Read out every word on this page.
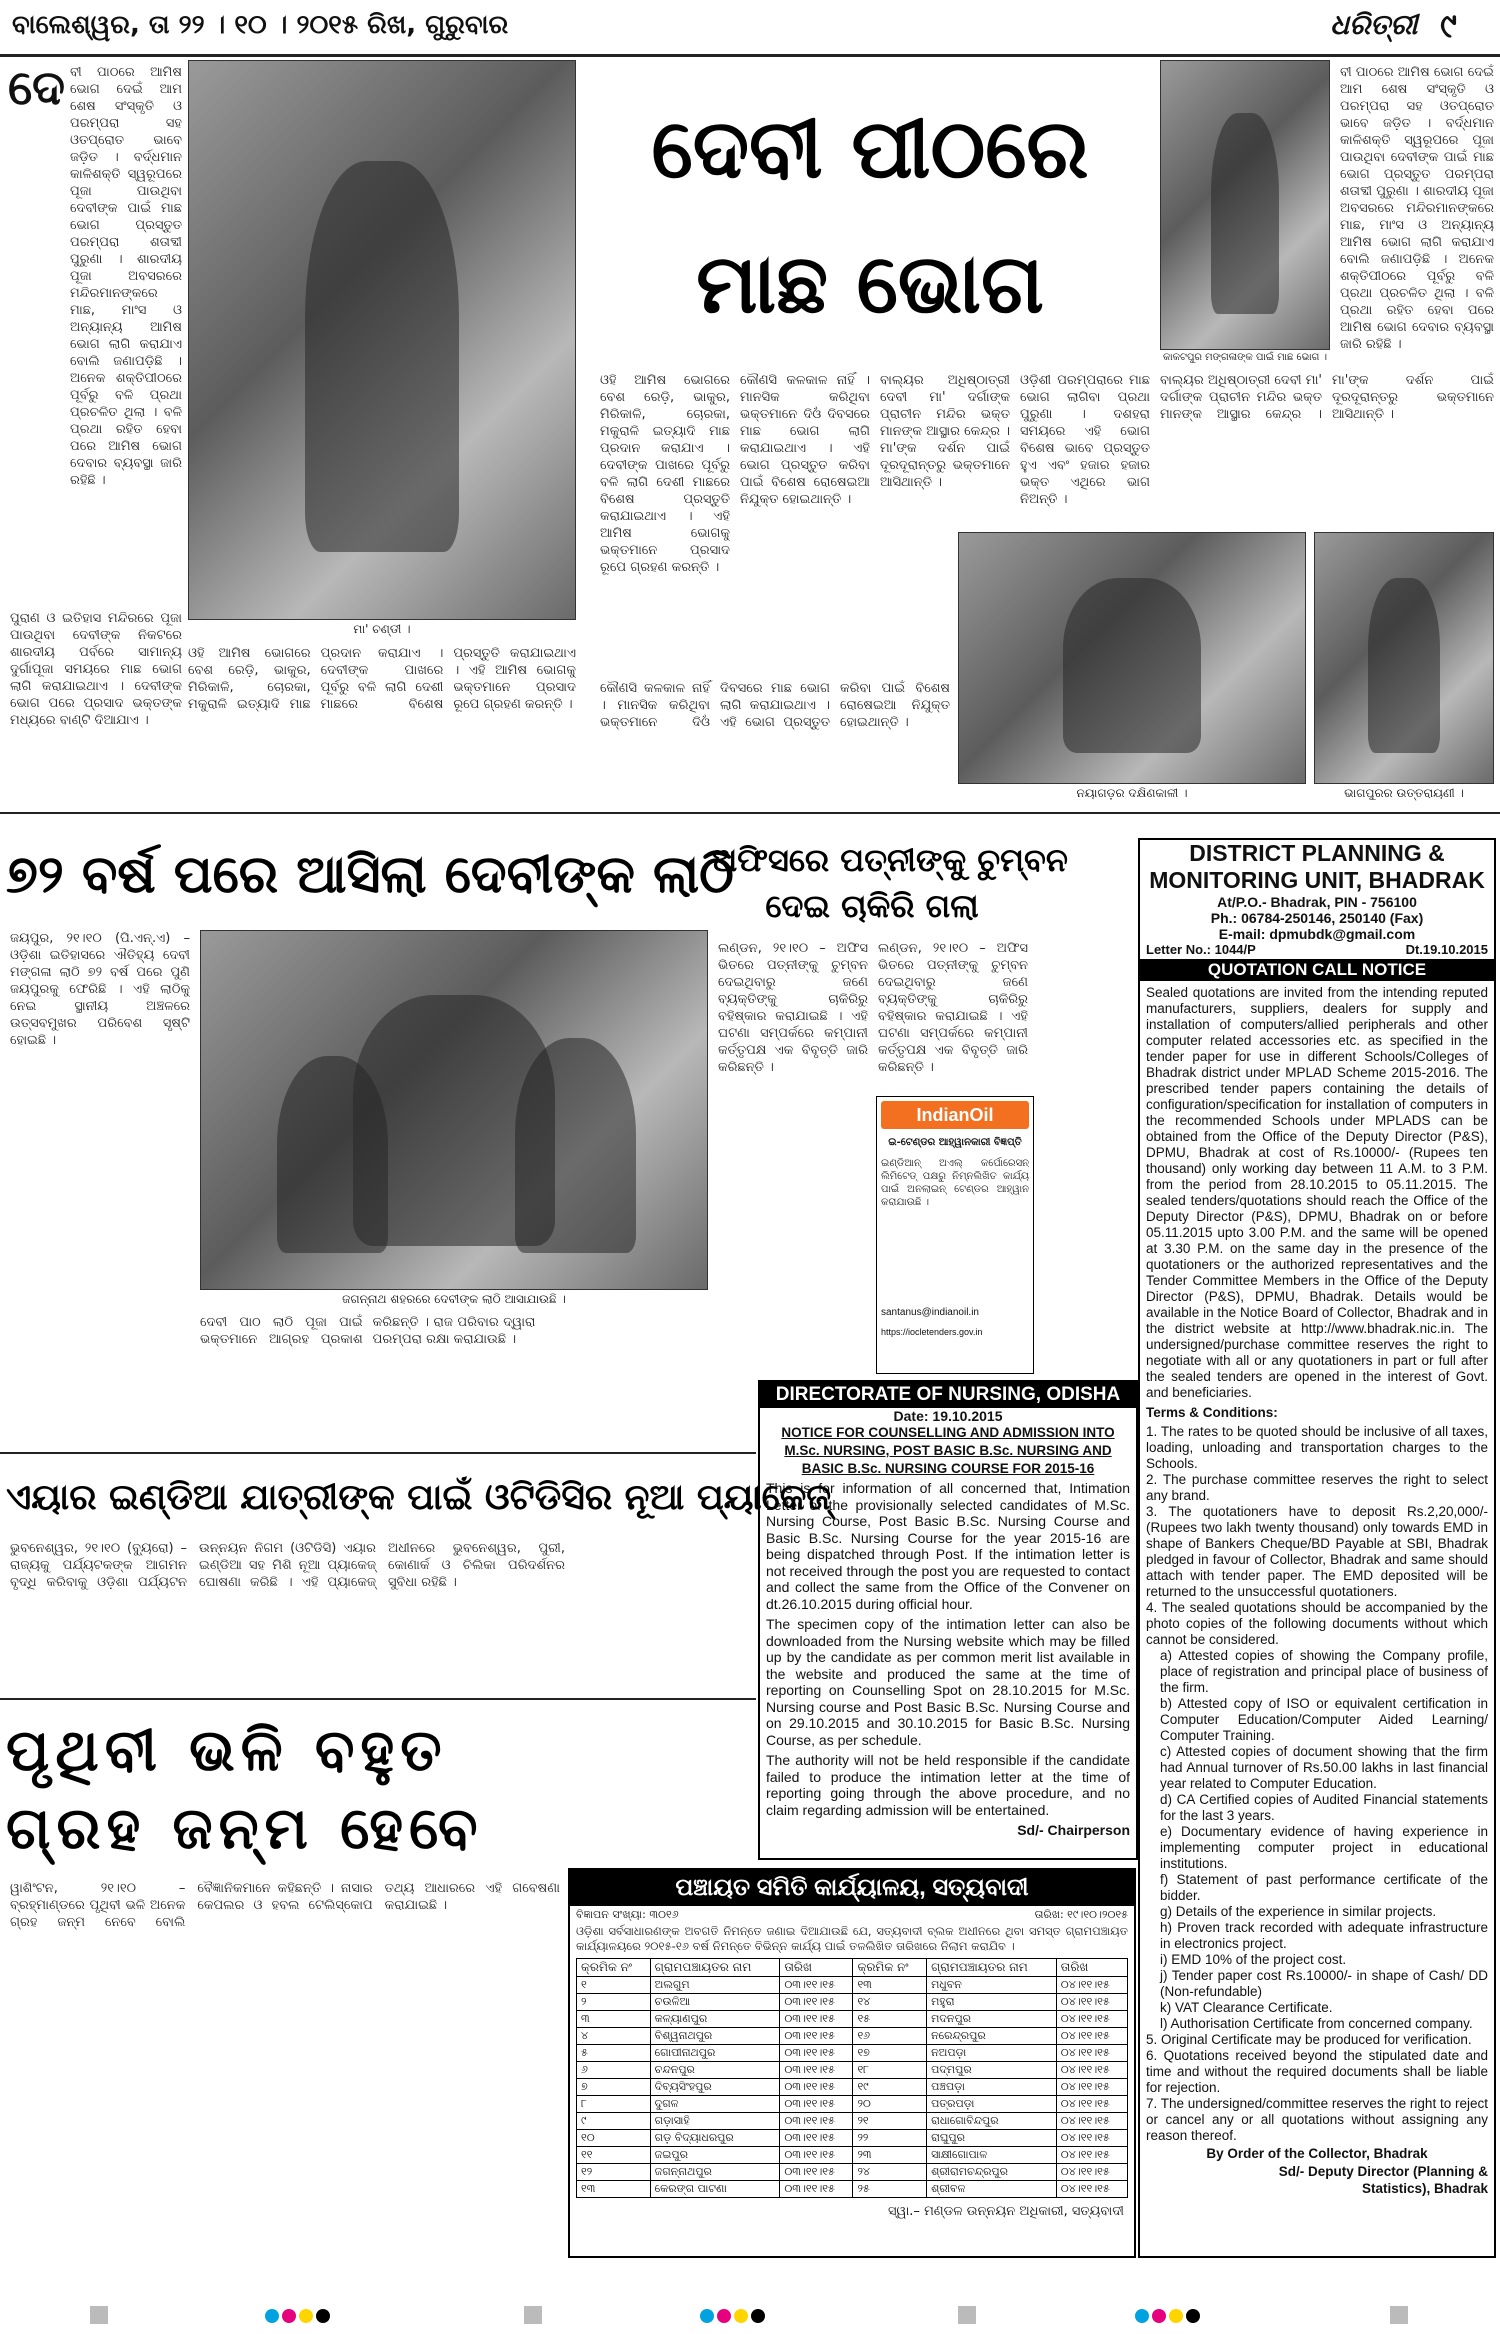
ବାଲେଶ୍ୱର, ତା ୨୨ । ୧୦ । ୨୦୧୫ ରିଖ, ଗୁରୁବାର	ଧରିତ୍ରୀ ୯
ଦେ ବୀ ପାଠରେ ଆମିଷ ଭୋଗ ଦେଇଁ ଆମ ଶେଷ ସଂସ୍କୃତି ଓ ପରମ୍ପରା ସହ ଓତପ୍ରୋତ ଭାବେ ଜଡ଼ିତ । ବର୍ଦ୍ଧମାନ କାଳିଶକ୍ତି ସ୍ୱରୂପରେ ପୂଜା ପାଉଥିବା ଦେବୀଙ୍କ ପାଇଁ ମାଛ ଭୋଗ ପ୍ରସ୍ତୁତ ପରମ୍ପରା ଶତାବ୍ଦୀ ପୁରୁଣା । ଶାରଦୀୟ ପୂଜା ଅବସରରେ ମନ୍ଦିରମାନଙ୍କରେ ମାଛ, ମାଂସ ଓ ଅନ୍ୟାନ୍ୟ ଆମିଷ ଭୋଗ ଲାଗି କରାଯାଏ ବୋଲି ଜଣାପଡ଼ିଛି । ଅନେକ ଶକ୍ତିପୀଠରେ ପୂର୍ବରୁ ବଳି ପ୍ରଥା ପ୍ରଚଳିତ ଥିଲା । ବଳି ପ୍ରଥା ରହିତ ହେବା ପରେ ଆମିଷ ଭୋଗ ଦେବାର ବ୍ୟବସ୍ଥା ଜାରି ରହିଛି ।
ପୁରାଣ ଓ ଇତିହାସ ମନ୍ଦିରରେ ପୂଜା ପାଉଥିବା ଦେବୀଙ୍କ ନିକଟରେ ଶାରଦୀୟ ପର୍ବରେ ସାମାନ୍ୟ ଦୁର୍ଗାପୂଜା ସମୟରେ ମାଛ ଭୋଗ ଲାଗି କରାଯାଇଥାଏ । ଦେବୀଙ୍କ ଭୋଗ ପରେ ପ୍ରସାଦ ଭକ୍ତଙ୍କ ମଧ୍ୟରେ ବାଣ୍ଟି ଦିଆଯାଏ ।
ମା' ଚଣ୍ଡୀ ।
ଦେବୀ ପୀଠରେ
ମାଛ ଭୋଗ
ଓହି ଆମିଷ ଭୋଗରେ ବେଶ ରେଡ଼ି, ଭାକୁର, ମିରିକାଳି, ଚୋରକା, ମକୁରାଳି ଇତ୍ୟାଦି ମାଛ ପ୍ରଦାନ କରାଯାଏ । ଦେବୀଙ୍କ ପାଖରେ ପୂର୍ବରୁ ବଳି ଲାଗି ଦେଶୀ ମାଛରେ ବିଶେଷ ପ୍ରସ୍ତୁତି କରାଯାଇଥାଏ । ଏହି ଆମିଷ ଭୋଗକୁ ଭକ୍ତମାନେ ପ୍ରସାଦ ରୂପେ ଗ୍ରହଣ କରନ୍ତି ।
କୌଣସି କଳକାଳ ନାହିଁ । ମାନସିକ କରିଥିବା ଭକ୍ତମାନେ ଦିଓଁ ଦିବସରେ ମାଛ ଭୋଗ ଲାଗି କରାଯାଇଥାଏ । ଏହି ଭୋଗ ପ୍ରସ୍ତୁତ କରିବା ପାଇଁ ବିଶେଷ ରୋଷେଇଆ ନିଯୁକ୍ତ ହୋଇଥାନ୍ତି ।
ବାଲ୍ୟର ଅଧିଷ୍ଠାତ୍ରୀ ଦେବୀ ମା' ଦର୍ଗାଙ୍କ ପ୍ରାଚୀନ ମନ୍ଦିର ଭକ୍ତ ମାନଙ୍କ ଆସ୍ଥାର କେନ୍ଦ୍ର । ମା'ଙ୍କ ଦର୍ଶନ ପାଇଁ ଦୂରଦୂରାନ୍ତରୁ ଭକ୍ତମାନେ ଆସିଥାନ୍ତି ।
ଓଡ଼ିଶୀ ପରମ୍ପରାରେ ମାଛ ଭୋଗ ଲାଗିବା ପ୍ରଥା ପୁରୁଣା । ଦଶହରା ସମୟରେ ଏହି ଭୋଗ ବିଶେଷ ଭାବେ ପ୍ରସ୍ତୁତ ହୁଏ ଏବଂ ହଜାର ହଜାର ଭକ୍ତ ଏଥିରେ ଭାଗ ନିଅନ୍ତି ।
ଓହି ଆମିଷ ଭୋଗରେ ବେଶ ରେଡ଼ି, ଭାକୁର, ମିରିକାଳି, ଚୋରକା, ମକୁରାଳି ଇତ୍ୟାଦି ମାଛ ପ୍ରଦାନ କରାଯାଏ । ଦେବୀଙ୍କ ପାଖରେ ପୂର୍ବରୁ ବଳି ଲାଗି ଦେଶୀ ମାଛରେ ବିଶେଷ ପ୍ରସ୍ତୁତି କରାଯାଇଥାଏ । ଏହି ଆମିଷ ଭୋଗକୁ ଭକ୍ତମାନେ ପ୍ରସାଦ ରୂପେ ଗ୍ରହଣ କରନ୍ତି ।
କୌଣସି କଳକାଳ ନାହିଁ । ମାନସିକ କରିଥିବା ଭକ୍ତମାନେ ଦିଓଁ ଦିବସରେ ମାଛ ଭୋଗ ଲାଗି କରାଯାଇଥାଏ । ଏହି ଭୋଗ ପ୍ରସ୍ତୁତ କରିବା ପାଇଁ ବିଶେଷ ରୋଷେଇଆ ନିଯୁକ୍ତ ହୋଇଥାନ୍ତି ।
କାକଟପୁର ମଙ୍ଗଳାଙ୍କ ପାଇଁ ମାଛ ଭୋଗ ।
ବୀ ପାଠରେ ଆମିଷ ଭୋଗ ଦେଇଁ ଆମ ଶେଷ ସଂସ୍କୃତି ଓ ପରମ୍ପରା ସହ ଓତପ୍ରୋତ ଭାବେ ଜଡ଼ିତ । ବର୍ଦ୍ଧମାନ କାଳିଶକ୍ତି ସ୍ୱରୂପରେ ପୂଜା ପାଉଥିବା ଦେବୀଙ୍କ ପାଇଁ ମାଛ ଭୋଗ ପ୍ରସ୍ତୁତ ପରମ୍ପରା ଶତାବ୍ଦୀ ପୁରୁଣା । ଶାରଦୀୟ ପୂଜା ଅବସରରେ ମନ୍ଦିରମାନଙ୍କରେ ମାଛ, ମାଂସ ଓ ଅନ୍ୟାନ୍ୟ ଆମିଷ ଭୋଗ ଲାଗି କରାଯାଏ ବୋଲି ଜଣାପଡ଼ିଛି । ଅନେକ ଶକ୍ତିପୀଠରେ ପୂର୍ବରୁ ବଳି ପ୍ରଥା ପ୍ରଚଳିତ ଥିଲା । ବଳି ପ୍ରଥା ରହିତ ହେବା ପରେ ଆମିଷ ଭୋଗ ଦେବାର ବ୍ୟବସ୍ଥା ଜାରି ରହିଛି ।
ବାଲ୍ୟର ଅଧିଷ୍ଠାତ୍ରୀ ଦେବୀ ମା' ଦର୍ଗାଙ୍କ ପ୍ରାଚୀନ ମନ୍ଦିର ଭକ୍ତ ମାନଙ୍କ ଆସ୍ଥାର କେନ୍ଦ୍ର । ମା'ଙ୍କ ଦର୍ଶନ ପାଇଁ ଦୂରଦୂରାନ୍ତରୁ ଭକ୍ତମାନେ ଆସିଥାନ୍ତି ।
ନୟାଗଡ଼ର ଦକ୍ଷିଣକାଳୀ ।	ଭାଗପୁରର ଉତ୍ତରାୟଣୀ ।
୭୨ ବର୍ଷ ପରେ ଆସିଲା ଦେବୀଙ୍କ ଲାଠି
ଜୟପୁର, ୨୧।୧୦ (ପି.ଏନ୍.ଏ) – ଓଡ଼ିଶା ଇତିହାସରେ ଐତିହ୍ୟ ଦେବୀ ମଙ୍ଗଳା ଲାଠି ୭୨ ବର୍ଷ ପରେ ପୁଣି ଜୟପୁରକୁ ଫେରିଛି । ଏହି ଲାଠିକୁ ନେଇ ସ୍ଥାନୀୟ ଅଞ୍ଚଳରେ ଉତ୍ସବମୁଖର ପରିବେଶ ସୃଷ୍ଟି ହୋଇଛି ।
ଜଗନ୍ନାଥ ଶହରରେ ଦେବୀଙ୍କ ଲାଠି ଆସାଯାଉଛି ।
ଦେବୀ ପାଠ ଲାଠି ପୂଜା ପାଇଁ ଭକ୍ତମାନେ ଆଗ୍ରହ ପ୍ରକାଶ କରିଛନ୍ତି । ରାଜ ପରିବାର ଦ୍ୱାରା ପରମ୍ପରା ରକ୍ଷା କରାଯାଉଛି ।
ଅଫିସରେ ପତ୍ନୀଙ୍କୁ ଚୁମ୍ବନ
ଦେଇ ଚାକିରି ଗଲା
ଲଣ୍ଡନ, ୨୧।୧୦ – ଅଫିସ ଭିତରେ ପତ୍ନୀଙ୍କୁ ଚୁମ୍ବନ ଦେଇଥିବାରୁ ଜଣେ ବ୍ୟକ୍ତିଙ୍କୁ ଚାକିରିରୁ ବହିଷ୍କାର କରାଯାଇଛି । ଏହି ଘଟଣା ସମ୍ପର୍କରେ କମ୍ପାନୀ କର୍ତ୍ତୃପକ୍ଷ ଏକ ବିବୃତ୍ତି ଜାରି କରିଛନ୍ତି ।
ଲଣ୍ଡନ, ୨୧।୧୦ – ଅଫିସ ଭିତରେ ପତ୍ନୀଙ୍କୁ ଚୁମ୍ବନ ଦେଇଥିବାରୁ ଜଣେ ବ୍ୟକ୍ତିଙ୍କୁ ଚାକିରିରୁ ବହିଷ୍କାର କରାଯାଇଛି । ଏହି ଘଟଣା ସମ୍ପର୍କରେ କମ୍ପାନୀ କର୍ତ୍ତୃପକ୍ଷ ଏକ ବିବୃତ୍ତି ଜାରି କରିଛନ୍ତି ।
IndianOil
ଇ-ଟେଣ୍ଡର ଆହ୍ୱାନକାରୀ ବିଜ୍ଞପ୍ତି
ଇଣ୍ଡିଆନ୍ ଅଏଲ୍ କର୍ପୋରେସନ୍ ଲିମିଟେଡ୍ ପକ୍ଷରୁ ନିମ୍ନଲିଖିତ କାର୍ଯ୍ୟ ପାଇଁ ଅନଲାଇନ୍ ଟେଣ୍ଡର ଆହ୍ୱାନ କରାଯାଉଛି ।
santanus@indianoil.in
https://iocletenders.gov.in
DIRECTORATE OF NURSING, ODISHA
Date: 19.10.2015
NOTICE FOR COUNSELLING AND ADMISSION INTO M.Sc. NURSING, POST BASIC B.Sc. NURSING AND BASIC B.Sc. NURSING COURSE FOR 2015-16
This is for information of all concerned that, Intimation Letter of the provisionally selected candidates of M.Sc. Nursing Course, Post Basic B.Sc. Nursing Course and Basic B.Sc. Nursing Course for the year 2015-16 are being dispatched through Post. If the intimation letter is not received through the post you are requested to contact and collect the same from the Office of the Convener on dt.26.10.2015 during official hour.
The specimen copy of the intimation letter can also be downloaded from the Nursing website which may be filled up by the candidate as per common merit list available in the website and produced the same at the time of reporting on Counselling Spot on 28.10.2015 for M.Sc. Nursing course and Post Basic B.Sc. Nursing Course and on 29.10.2015 and 30.10.2015 for Basic B.Sc. Nursing Course, as per schedule.
The authority will not be held responsible if the candidate failed to produce the intimation letter at the time of reporting going through the above procedure, and no claim regarding admission will be entertained.
Sd/- Chairperson
DISTRICT PLANNING &
MONITORING UNIT, BHADRAK
At/P.O.- Bhadrak, PIN - 756100
Ph.: 06784-250146, 250140 (Fax)
E-mail: dpmubdk@gmail.com
Letter No.: 1044/P	Dt.19.10.2015
QUOTATION CALL NOTICE
Sealed quotations are invited from the intending reputed manufacturers, suppliers, dealers for supply and installation of computers/allied peripherals and other computer related accessories etc. as specified in the tender paper for use in different Schools/Colleges of Bhadrak district under MPLAD Scheme 2015-2016. The prescribed tender papers containing the details of configuration/specification for installation of computers in the recommended Schools under MPLADS can be obtained from the Office of the Deputy Director (P&S), DPMU, Bhadrak at cost of Rs.10000/- (Rupees ten thousand) only working day between 11 A.M. to 3 P.M. from the period from 28.10.2015 to 05.11.2015. The sealed tenders/quotations should reach the Office of the Deputy Director (P&S), DPMU, Bhadrak on or before 05.11.2015 upto 3.00 P.M. and the same will be opened at 3.30 P.M. on the same day in the presence of the quotationers or the authorized representatives and the Tender Committee Members in the Office of the Deputy Director (P&S), DPMU, Bhadrak. Details would be available in the Notice Board of Collector, Bhadrak and in the district website at http://www.bhadrak.nic.in. The undersigned/purchase committee reserves the right to negotiate with all or any quotationers in part or full after the sealed tenders are opened in the interest of Govt. and beneficiaries.
Terms & Conditions:
1. The rates to be quoted should be inclusive of all taxes, loading, unloading and transportation charges to the Schools.
2. The purchase committee reserves the right to select any brand.
3. The quotationers have to deposit Rs.2,20,000/- (Rupees two lakh twenty thousand) only towards EMD in shape of Bankers Cheque/BD Payable at SBI, Bhadrak pledged in favour of Collector, Bhadrak and same should attach with tender paper. The EMD deposited will be returned to the unsuccessful quotationers.
4. The sealed quotations should be accompanied by the photo copies of the following documents without which cannot be considered.
a) Attested copies of showing the Company profile, place of registration and principal place of business of the firm.
b) Attested copy of ISO or equivalent certification in Computer Education/Computer Aided Learning/ Computer Training.
c) Attested copies of document showing that the firm had Annual turnover of Rs.50.00 lakhs in last financial year related to Computer Education.
d) CA Certified copies of Audited Financial statements for the last 3 years.
e) Documentary evidence of having experience in implementing computer project in educational institutions.
f) Statement of past performance certificate of the bidder.
g) Details of the experience in similar projects.
h) Proven track recorded with adequate infrastructure in electronics project.
i) EMD 10% of the project cost.
j) Tender paper cost Rs.10000/- in shape of Cash/ DD (Non-refundable)
k) VAT Clearance Certificate.
l) Authorisation Certificate from concerned company.
5. Original Certificate may be produced for verification.
6. Quotations received beyond the stipulated date and time and without the required documents shall be liable for rejection.
7. The undersigned/committee reserves the right to reject or cancel any or all quotations without assigning any reason thereof.
By Order of the Collector, Bhadrak
Sd/- Deputy Director (Planning &
Statistics), Bhadrak
ଏୟାର ଇଣ୍ଡିଆ ଯାତ୍ରୀଙ୍କ ପାଇଁ ଓଟିଡିସିର ନୂଆ ପ୍ୟାକେଜ୍
ଭୁବନେଶ୍ୱର, ୨୧।୧୦ (ବ୍ୟୁରୋ) – ରାଜ୍ୟକୁ ପର୍ଯ୍ୟଟକଙ୍କ ଆଗମନ ବୃଦ୍ଧି କରିବାକୁ ଓଡ଼ିଶା ପର୍ଯ୍ୟଟନ ଉନ୍ନୟନ ନିଗମ (ଓଟିଡିସି) ଏୟାର ଇଣ୍ଡିଆ ସହ ମିଶି ନୂଆ ପ୍ୟାକେଜ୍ ଘୋଷଣା କରିଛି । ଏହି ପ୍ୟାକେଜ୍ ଅଧୀନରେ ଭୁବନେଶ୍ୱର, ପୁରୀ, କୋଣାର୍କ ଓ ଚିଲିକା ପରିଦର୍ଶନର ସୁବିଧା ରହିଛି ।
ପୃଥିବୀ ଭଳି ବହୁତ
ଗ୍ରହ ଜନ୍ମ ହେବେ
ୱାଶିଂଟନ, ୨୧।୧୦ – ବ୍ରହ୍ମାଣ୍ଡରେ ପୃଥିବୀ ଭଳି ଅନେକ ଗ୍ରହ ଜନ୍ମ ନେବେ ବୋଲି ବୈଜ୍ଞାନିକମାନେ କହିଛନ୍ତି । ନାସାର କେପଲର ଓ ହବଲ ଟେଲିସ୍କୋପ ତଥ୍ୟ ଆଧାରରେ ଏହି ଗବେଷଣା କରାଯାଇଛି ।
ପଞ୍ଚାୟତ ସମିତି କାର୍ଯ୍ୟାଳୟ, ସତ୍ୟବାଦୀ
ବିଜ୍ଞାପନ ସଂଖ୍ୟା: ୩୦୧୬	ତାରିଖ: ୧୯।୧୦।୨୦୧୫
ଓଡ଼ିଶା ସର୍ବସାଧାରଣଙ୍କ ଅବଗତି ନିମନ୍ତେ ଜଣାଇ ଦିଆଯାଉଛି ଯେ, ସତ୍ୟବାଦୀ ବ୍ଲକ ଅଧୀନରେ ଥିବା ସମସ୍ତ ଗ୍ରାମପଞ୍ଚାୟତ କାର୍ଯ୍ୟାଳୟରେ ୨୦୧୫-୧୬ ବର୍ଷ ନିମନ୍ତେ ବିଭିନ୍ନ କାର୍ଯ୍ୟ ପାଇଁ ତଳଲିଖିତ ତାରିଖରେ ନିଲାମ କରାଯିବ ।
କ୍ରମିକ ନଂ	ଗ୍ରାମପଞ୍ଚାୟତର ନାମ	ତାରିଖ	କ୍ରମିକ ନଂ	ଗ୍ରାମପଞ୍ଚାୟତର ନାମ	ତାରିଖ
୧	ଅଲଗୁମ	୦୩।୧୧।୧୫	୧୩	ମଧୁବନ	୦୪।୧୧।୧୫
୨	ଚଉଳିଆ	୦୩।୧୧।୧୫	୧୪	ମହୁରା	୦୪।୧୧।୧୫
୩	କଳ୍ୟାଣପୁର	୦୩।୧୧।୧୫	୧୫	ମଦନପୁର	୦୪।୧୧।୧୫
୪	ବିଶ୍ୱନାଥପୁର	୦୩।୧୧।୧୫	୧୬	ନରେନ୍ଦ୍ରପୁର	୦୪।୧୧।୧୫
୫	ଗୋପୀନାଥପୁର	୦୩।୧୧।୧୫	୧୭	ନଅପଡ଼ା	୦୪।୧୧।୧୫
୬	ଚନ୍ଦନପୁର	୦୩।୧୧।୧୫	୧୮	ପଦ୍ମପୁର	୦୪।୧୧।୧୫
୭	ଦିବ୍ୟସିଂହପୁର	୦୩।୧୧।୧୫	୧୯	ପଞ୍ଚପଡ଼ା	୦୪।୧୧।୧୫
୮	ଦୁଗଳ	୦୩।୧୧।୧୫	୨୦	ପତ୍ରପଡ଼ା	୦୪।୧୧।୧୫
୯	ଗଡ଼ାସାହି	୦୩।୧୧।୧୫	୨୧	ରାଧାଗୋବିନ୍ଦପୁର	୦୪।୧୧।୧୫
୧୦	ଗଡ଼ ବିଦ୍ୟାଧରପୁର	୦୩।୧୧।୧୫	୨୨	ରାଘୁପୁର	୦୪।୧୧।୧୫
୧୧	ଜଇପୁର	୦୩।୧୧।୧୫	୨୩	ସାକ୍ଷୀଗୋପାଳ	୦୪।୧୧।୧୫
୧୨	ଜଗନ୍ନାଥପୁର	୦୩।୧୧।୧୫	୨୪	ଶ୍ରୀରାମଚନ୍ଦ୍ରପୁର	୦୪।୧୧।୧୫
୧୩	କେରଙ୍ଗ ପାଟଣା	୦୩।୧୧।୧୫	୨୫	ଶ୍ରୀବଳ	୦୪।୧୧।୧୫
ସ୍ୱା.– ମଣ୍ଡଳ ଉନ୍ନୟନ ଅଧିକାରୀ, ସତ୍ୟବାଦୀ
